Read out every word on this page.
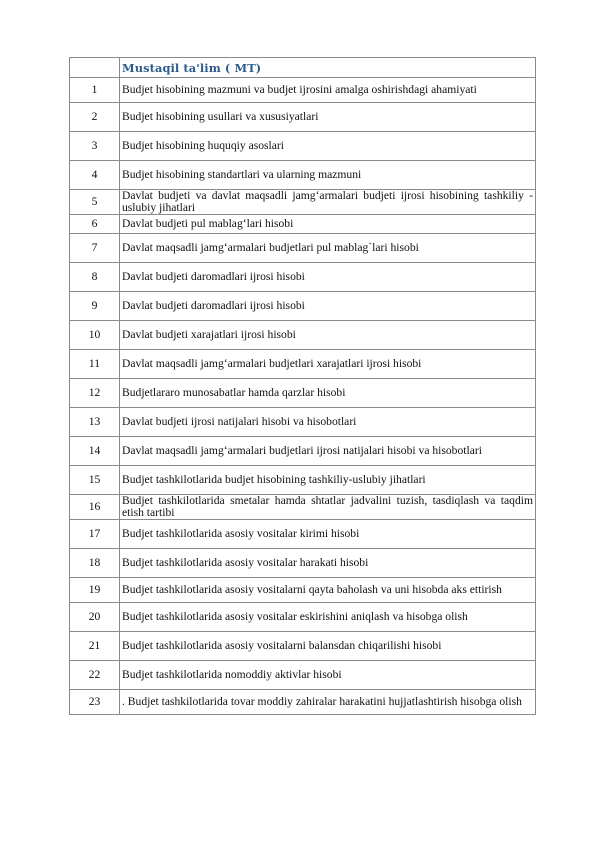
	Mustaqil ta'lim ( MT)
1	Budjet hisobining mazmuni va budjet ijrosini amalga oshirishdagi ahamiyati
2	Budjet hisobining usullari va xususiyatlari
3	Budjet hisobining huquqiy asoslari
4	Budjet hisobining standartlari va ularning mazmuni
5	Davlat budjeti va davlat maqsadli jamg‘armalari budjeti ijrosi hisobining tashkiliy - uslubiy jihatlari
6	Davlat budjeti pul mablag‘lari hisobi
7	Davlat maqsadli jamg‘armalari budjetlari pul mablag`lari hisobi
8	Davlat budjeti daromadlari ijrosi hisobi
9	Davlat budjeti daromadlari ijrosi hisobi
10	Davlat budjeti xarajatlari ijrosi hisobi
11	Davlat maqsadli jamg‘armalari budjetlari xarajatlari ijrosi hisobi
12	Budjetlararo munosabatlar hamda qarzlar hisobi
13	Davlat budjeti ijrosi natijalari hisobi va hisobotlari
14	Davlat maqsadli jamg‘armalari budjetlari ijrosi natijalari hisobi va hisobotlari
15	Budjet tashkilotlarida budjet hisobining tashkiliy-uslubiy jihatlari
16	Budjet tashkilotlarida smetalar hamda shtatlar jadvalini tuzish, tasdiqlash va taqdim etish tartibi
17	Budjet tashkilotlarida asosiy vositalar kirimi hisobi
18	Budjet tashkilotlarida asosiy vositalar harakati hisobi
19	Budjet tashkilotlarida asosiy vositalarni qayta baholash va uni hisobda aks ettirish
20	Budjet tashkilotlarida asosiy vositalar eskirishini aniqlash va hisobga olish
21	Budjet tashkilotlarida asosiy vositalarni balansdan chiqarilishi hisobi
22	Budjet tashkilotlarida nomoddiy aktivlar hisobi
23	. Budjet tashkilotlarida tovar moddiy zahiralar harakatini hujjatlashtirish hisobga olish
